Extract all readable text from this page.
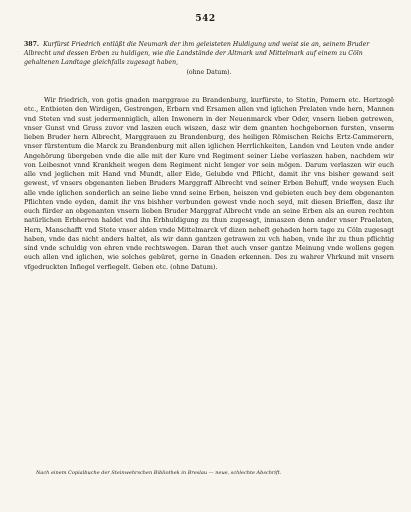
542
387. Kurfürst Friedrich entläßt die Neumark der ihm geleisteten Huldigung und weist sie an, seinem Bruder Albrecht und dessen Erben zu huldigen, wie die Landstände der Altmark und Mittelmark auf einem zu Cöln gehaltenen Landtage gleichfalls zugesagt haben,
(ohne Datum).

Wir friedrich, von gotis gnaden marggraue zu Brandenburg, kurfürste, to Stetin, Pomern etc. Hertzogē etc., Entbieten den Wirdigen, Gestrengen, Erbarn vnd Ersamen allen vnd iglichen Prelaten vnde hern, Mannen vnd Steten vnd sust jedermenniglich, allen Inwonern in der Neuenmarck vber Oder, vnsern lieben getrewen, vnser Gunst vnd Gruss zuvor vnd laszen euch wiszen, dasz wir dem gnanten hochgebornen fursten, vnserm lieben Bruder hern Albrecht, Marggrauen zu Brandenburg, des heiligen Römischen Reichs Ertz-Cammerern, vnser fürstentum die Marck zu Brandenburg mit allen iglichen Herrlichkeiten, Landen vnd Leuten vnde ander Angehörung übergeben vnde die alle mit der Kure vnd Regiment seiner Liebe verlaszen haben, nachdem wir von Leibesnot vnnd Krankheit wegen dem Regiment nicht lenger vor sein mögen. Darum verlaszen wir euch alle vnd jeglichen mit Hand vnd Mundt, aller Eide, Gelubde vnd Pflicht, damit ihr vns bisher gewand seit gewest, vf vnsers obgenanten lieben Bruders Marggraff Albrecht vnd seiner Erben Behuff, vnde weysen Euch alle vnde iglichen sonderlich an seine liebe vnnd seine Erben, heiszen vnd gebieten euch bey dem obgenanten Pflichten vnde eyden, damit ihr vns bishher verbunden gewest vnde noch seyd, mit diesen Brieffen, dasz ihr euch fürder an obgenanten vnsern lieben Bruder Marggraf Albrecht vnde an seine Erben als an euren rechten natürlichen Erbherren haldet vnd ihn Erbhuldigung zu thun zugesagt, inmaszen denn ander vnser Praelaten, Hern, Manschafft vnd Stete vnser alden vnde Mittelmarck vf dizen neheſt gehaden hern tage zu Cöln zugesagt haben, vnde das nicht anders haltet, als wir dann gantzen getrawen zu vch haben, vnde ihr zu thun pflichtig sind vnde schuldig von ehren vnde rechtswegen. Daran thet auch vnser gantze Meinung vnde wollens gegen euch allen vnd iglichen, wie solches gebüret, gerne in Gnaden erkennen. Des zu wahrer Vhrkund mit vnsern vfgedruckten Infiegel verfiegelt. Geben etc. (ohne Datum).

Nach einem Copialbuche der Steinwehrschen Bibliothek in Breslau — neue, schlechte Abschrift.
